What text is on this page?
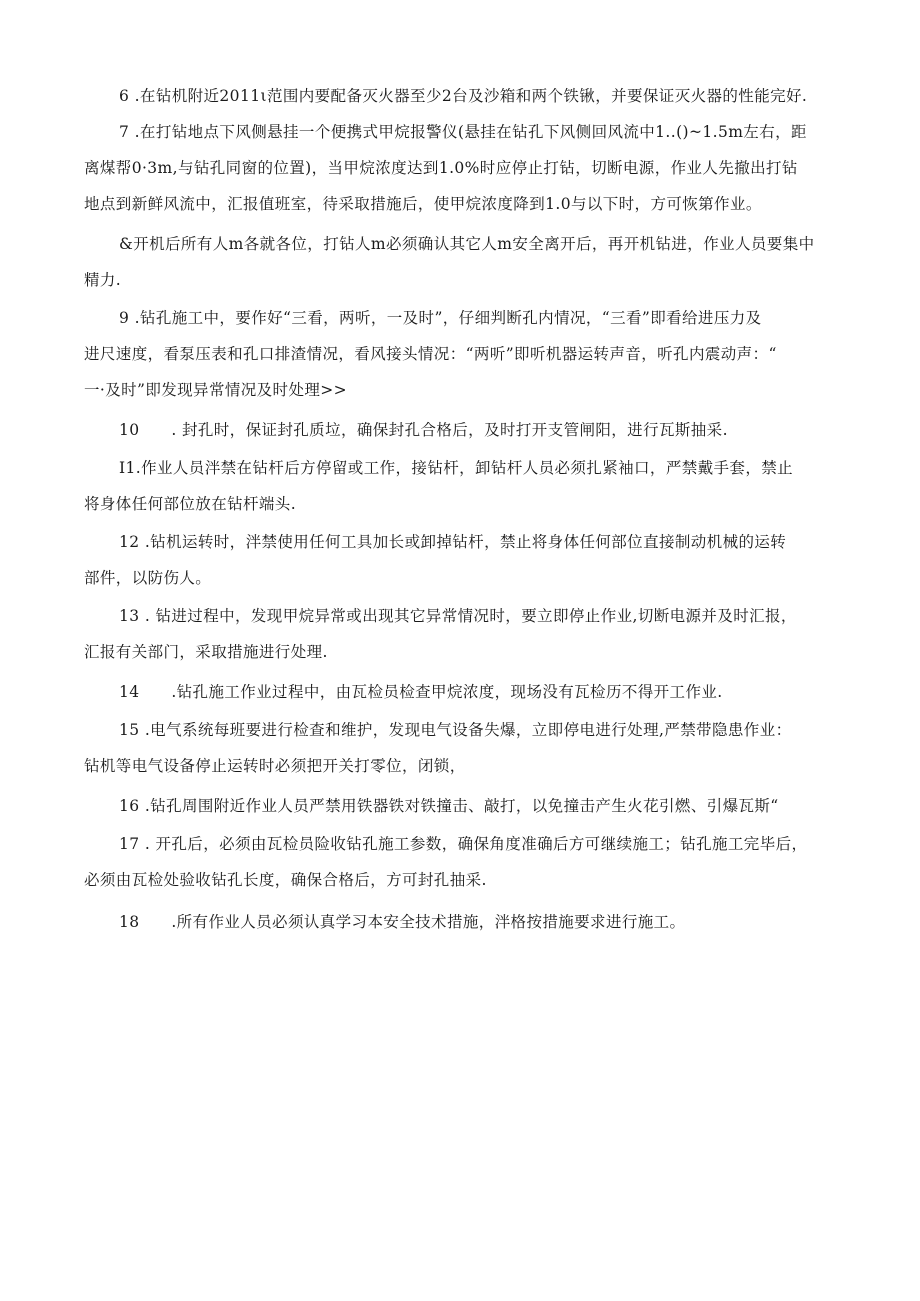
6 .在钻机附近2011ι范围内要配备灭火器至少2台及沙箱和两个铁锹，并要保证灭火器的性能完好.

7 .在打钻地点下风侧悬挂一个便携式甲烷报警仪(悬挂在钻孔下风侧回风流中1..()~1.5m左右，距
离煤帮0·3m,与钻孔同窗的位置)，当甲烷浓度达到1.0%时应停止打钻，切断电源，作业人先撤出打钻
地点到新鲜风流中，汇报值班室，待采取措施后，使甲烷浓度降到1.0与以下时，方可恢第作业。

&开机后所有人m各就各位，打钻人m必须确认其它人m安全离开后，再开机钻进，作业人员要集中
精力.

9 .钻孔施工中，要作好“三看，两听，一及时”，仔细判断孔内情况，“三看”即看给进压力及
进尺速度，看泵压表和孔口排渣情况，看风接头情况：“两听”即听机器运转声音，听孔内震动声：“
一·及时”即发现异常情况及时处理>>

10　　. 封孔时，保证封孔质垃，确保封孔合格后，及时打开支管闸阳，进行瓦斯抽采.

I1.作业人员泮禁在钻杆后方停留或工作，接钻杆，卸钻杆人员必须扎紧袖口，严禁戴手套，禁止
将身体任何部位放在钻杆端头.

12 .钻机运转时，泮禁使用任何工具加长或卸掉钻杆，禁止将身体任何部位直接制动机械的运转
部件，以防伤人。

13 . 钻进过程中，发现甲烷异常或出现其它异常情况时，要立即停止作业,切断电源并及时汇报，
汇报有关部门，采取措施进行处理.

14　　.钻孔施工作业过程中，由瓦检员检查甲烷浓度，现场没有瓦检历不得开工作业.

15 .电气系统每班要进行检查和维护，发现电气设备失爆，立即停电进行处理,严禁带隐患作业：
钻机等电气设备停止运转时必须把开关打零位，闭锁，

16 .钻孔周围附近作业人员严禁用铁器铁对铁撞击、敲打，以免撞击产生火花引燃、引爆瓦斯“

17 . 开孔后，必须由瓦检员险收钻孔施工参数，确保角度准确后方可继续施工；钻孔施工完毕后，
必须由瓦检处验收钻孔长度，确保合格后，方可封孔抽采.

18　　.所有作业人员必须认真学习本安全技术措施，泮格按措施要求进行施工。
